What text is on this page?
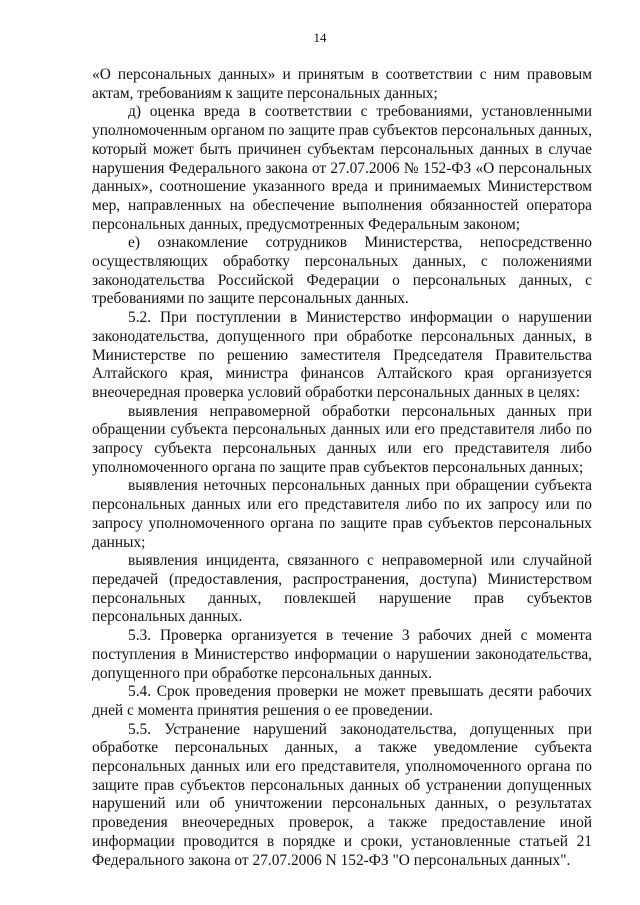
14

«О персональных данных» и принятым в соответствии с ним правовым актам, требованиям к защите персональных данных;

д) оценка вреда в соответствии с требованиями, установленными уполномоченным органом по защите прав субъектов персональных данных, который может быть причинен субъектам персональных данных в случае нарушения Федерального закона от 27.07.2006 № 152-ФЗ «О персональных данных», соотношение указанного вреда и принимаемых Министерством мер, направленных на обеспечение выполнения обязанностей оператора персональных данных, предусмотренных Федеральным законом;

е) ознакомление сотрудников Министерства, непосредственно осуществляющих обработку персональных данных, с положениями законодательства Российской Федерации о персональных данных, с требованиями по защите персональных данных.

5.2. При поступлении в Министерство информации о нарушении законодательства, допущенного при обработке персональных данных, в Министерстве по решению заместителя Председателя Правительства Алтайского края, министра финансов Алтайского края организуется внеочередная проверка условий обработки персональных данных в целях:

выявления неправомерной обработки персональных данных при обращении субъекта персональных данных или его представителя либо по запросу субъекта персональных данных или его представителя либо уполномоченного органа по защите прав субъектов персональных данных;

выявления неточных персональных данных при обращении субъекта персональных данных или его представителя либо по их запросу или по запросу уполномоченного органа по защите прав субъектов персональных данных;

выявления инцидента, связанного с неправомерной или случайной передачей (предоставления, распространения, доступа) Министерством персональных данных, повлекшей нарушение прав субъектов персональных данных.

5.3. Проверка организуется в течение 3 рабочих дней с момента поступления в Министерство информации о нарушении законодательства, допущенного при обработке персональных данных.

5.4. Срок проведения проверки не может превышать десяти рабочих дней с момента принятия решения о ее проведении.

5.5. Устранение нарушений законодательства, допущенных при обработке персональных данных, а также уведомление субъекта персональных данных или его представителя, уполномоченного органа по защите прав субъектов персональных данных об устранении допущенных нарушений или об уничтожении персональных данных, о результатах проведения внеочередных проверок, а также предоставление иной информации проводится в порядке и сроки, установленные статьей 21 Федерального закона от 27.07.2006 N 152-ФЗ "О персональных данных".
